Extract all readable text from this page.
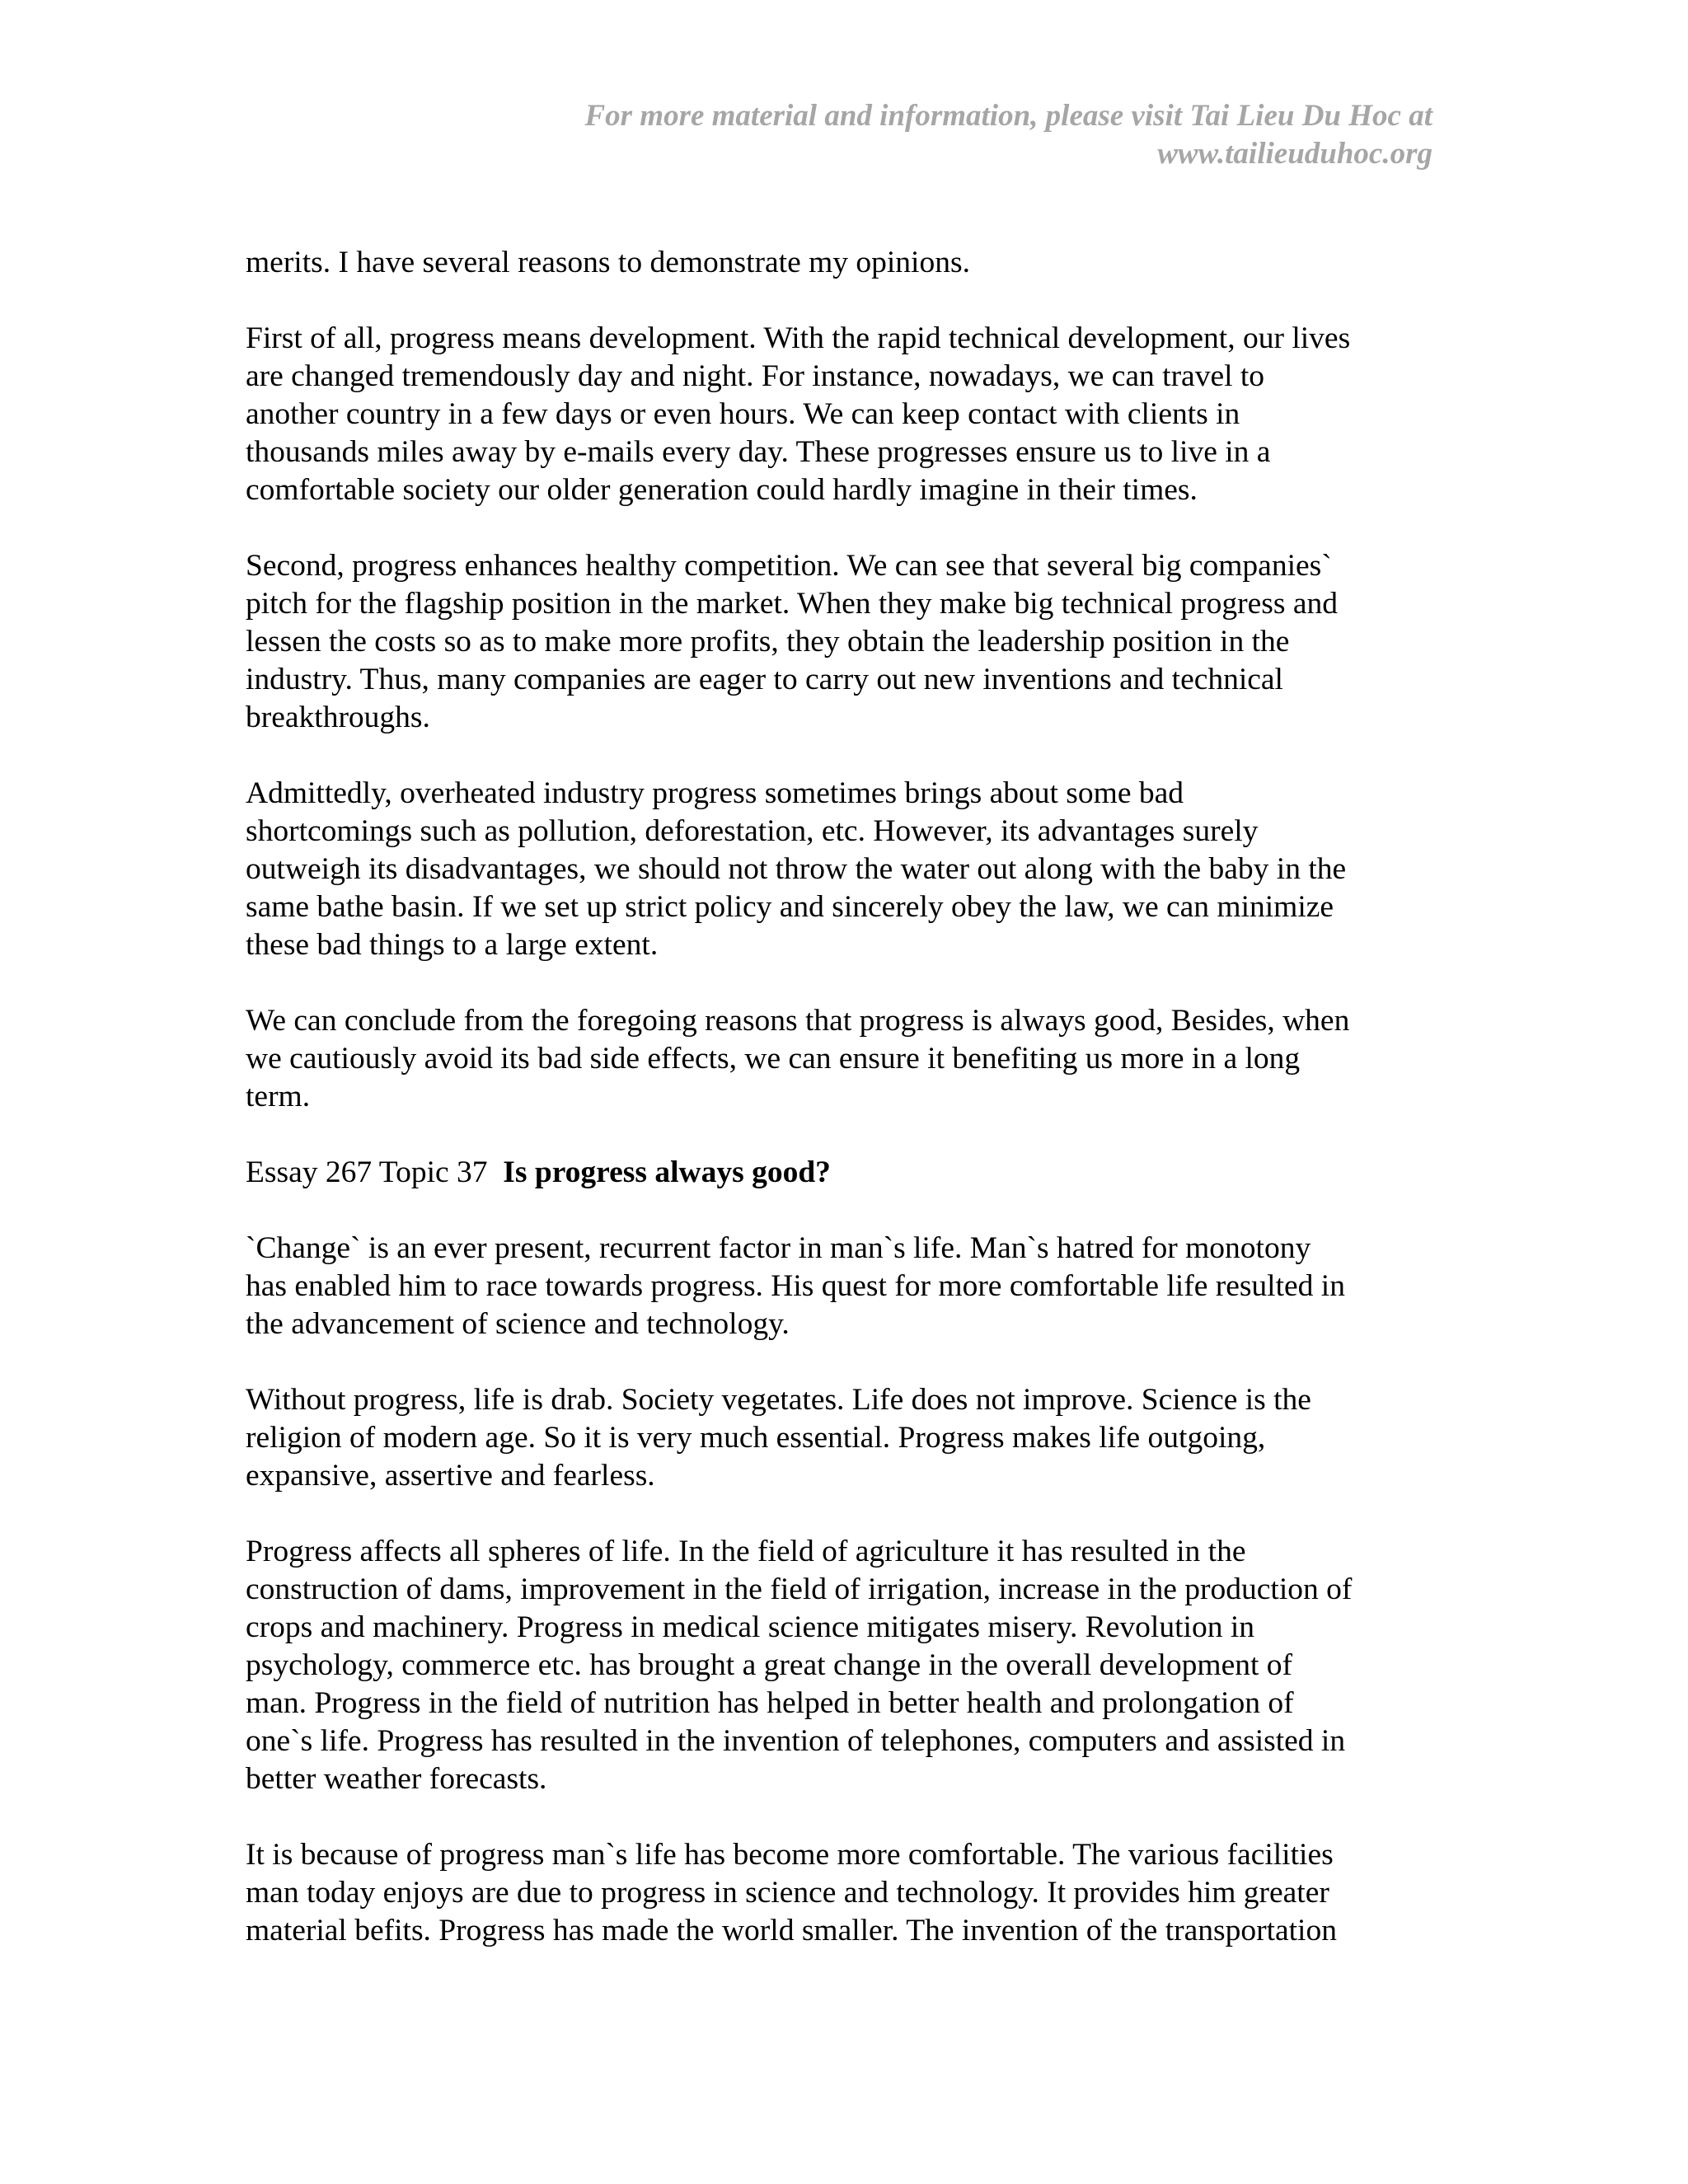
For more material and information, please visit Tai Lieu Du Hoc at
www.tailieuduhoc.org

merits. I have several reasons to demonstrate my opinions.

First of all, progress means development. With the rapid technical development, our lives
are changed tremendously day and night. For instance, nowadays, we can travel to
another country in a few days or even hours. We can keep contact with clients in
thousands miles away by e-mails every day. These progresses ensure us to live in a
comfortable society our older generation could hardly imagine in their times.

Second, progress enhances healthy competition. We can see that several big companies`
pitch for the flagship position in the market. When they make big technical progress and
lessen the costs so as to make more profits, they obtain the leadership position in the
industry. Thus, many companies are eager to carry out new inventions and technical
breakthroughs.

Admittedly, overheated industry progress sometimes brings about some bad
shortcomings such as pollution, deforestation, etc. However, its advantages surely
outweigh its disadvantages, we should not throw the water out along with the baby in the
same bathe basin. If we set up strict policy and sincerely obey the law, we can minimize
these bad things to a large extent.

We can conclude from the foregoing reasons that progress is always good, Besides, when
we cautiously avoid its bad side effects, we can ensure it benefiting us more in a long
term.

Essay 267 Topic 37  Is progress always good?

`Change` is an ever present, recurrent factor in man`s life. Man`s hatred for monotony
has enabled him to race towards progress. His quest for more comfortable life resulted in
the advancement of science and technology.

Without progress, life is drab. Society vegetates. Life does not improve. Science is the
religion of modern age. So it is very much essential. Progress makes life outgoing,
expansive, assertive and fearless.

Progress affects all spheres of life. In the field of agriculture it has resulted in the
construction of dams, improvement in the field of irrigation, increase in the production of
crops and machinery. Progress in medical science mitigates misery. Revolution in
psychology, commerce etc. has brought a great change in the overall development of
man. Progress in the field of nutrition has helped in better health and prolongation of
one`s life. Progress has resulted in the invention of telephones, computers and assisted in
better weather forecasts.

It is because of progress man`s life has become more comfortable. The various facilities
man today enjoys are due to progress in science and technology. It provides him greater
material befits. Progress has made the world smaller. The invention of the transportation
